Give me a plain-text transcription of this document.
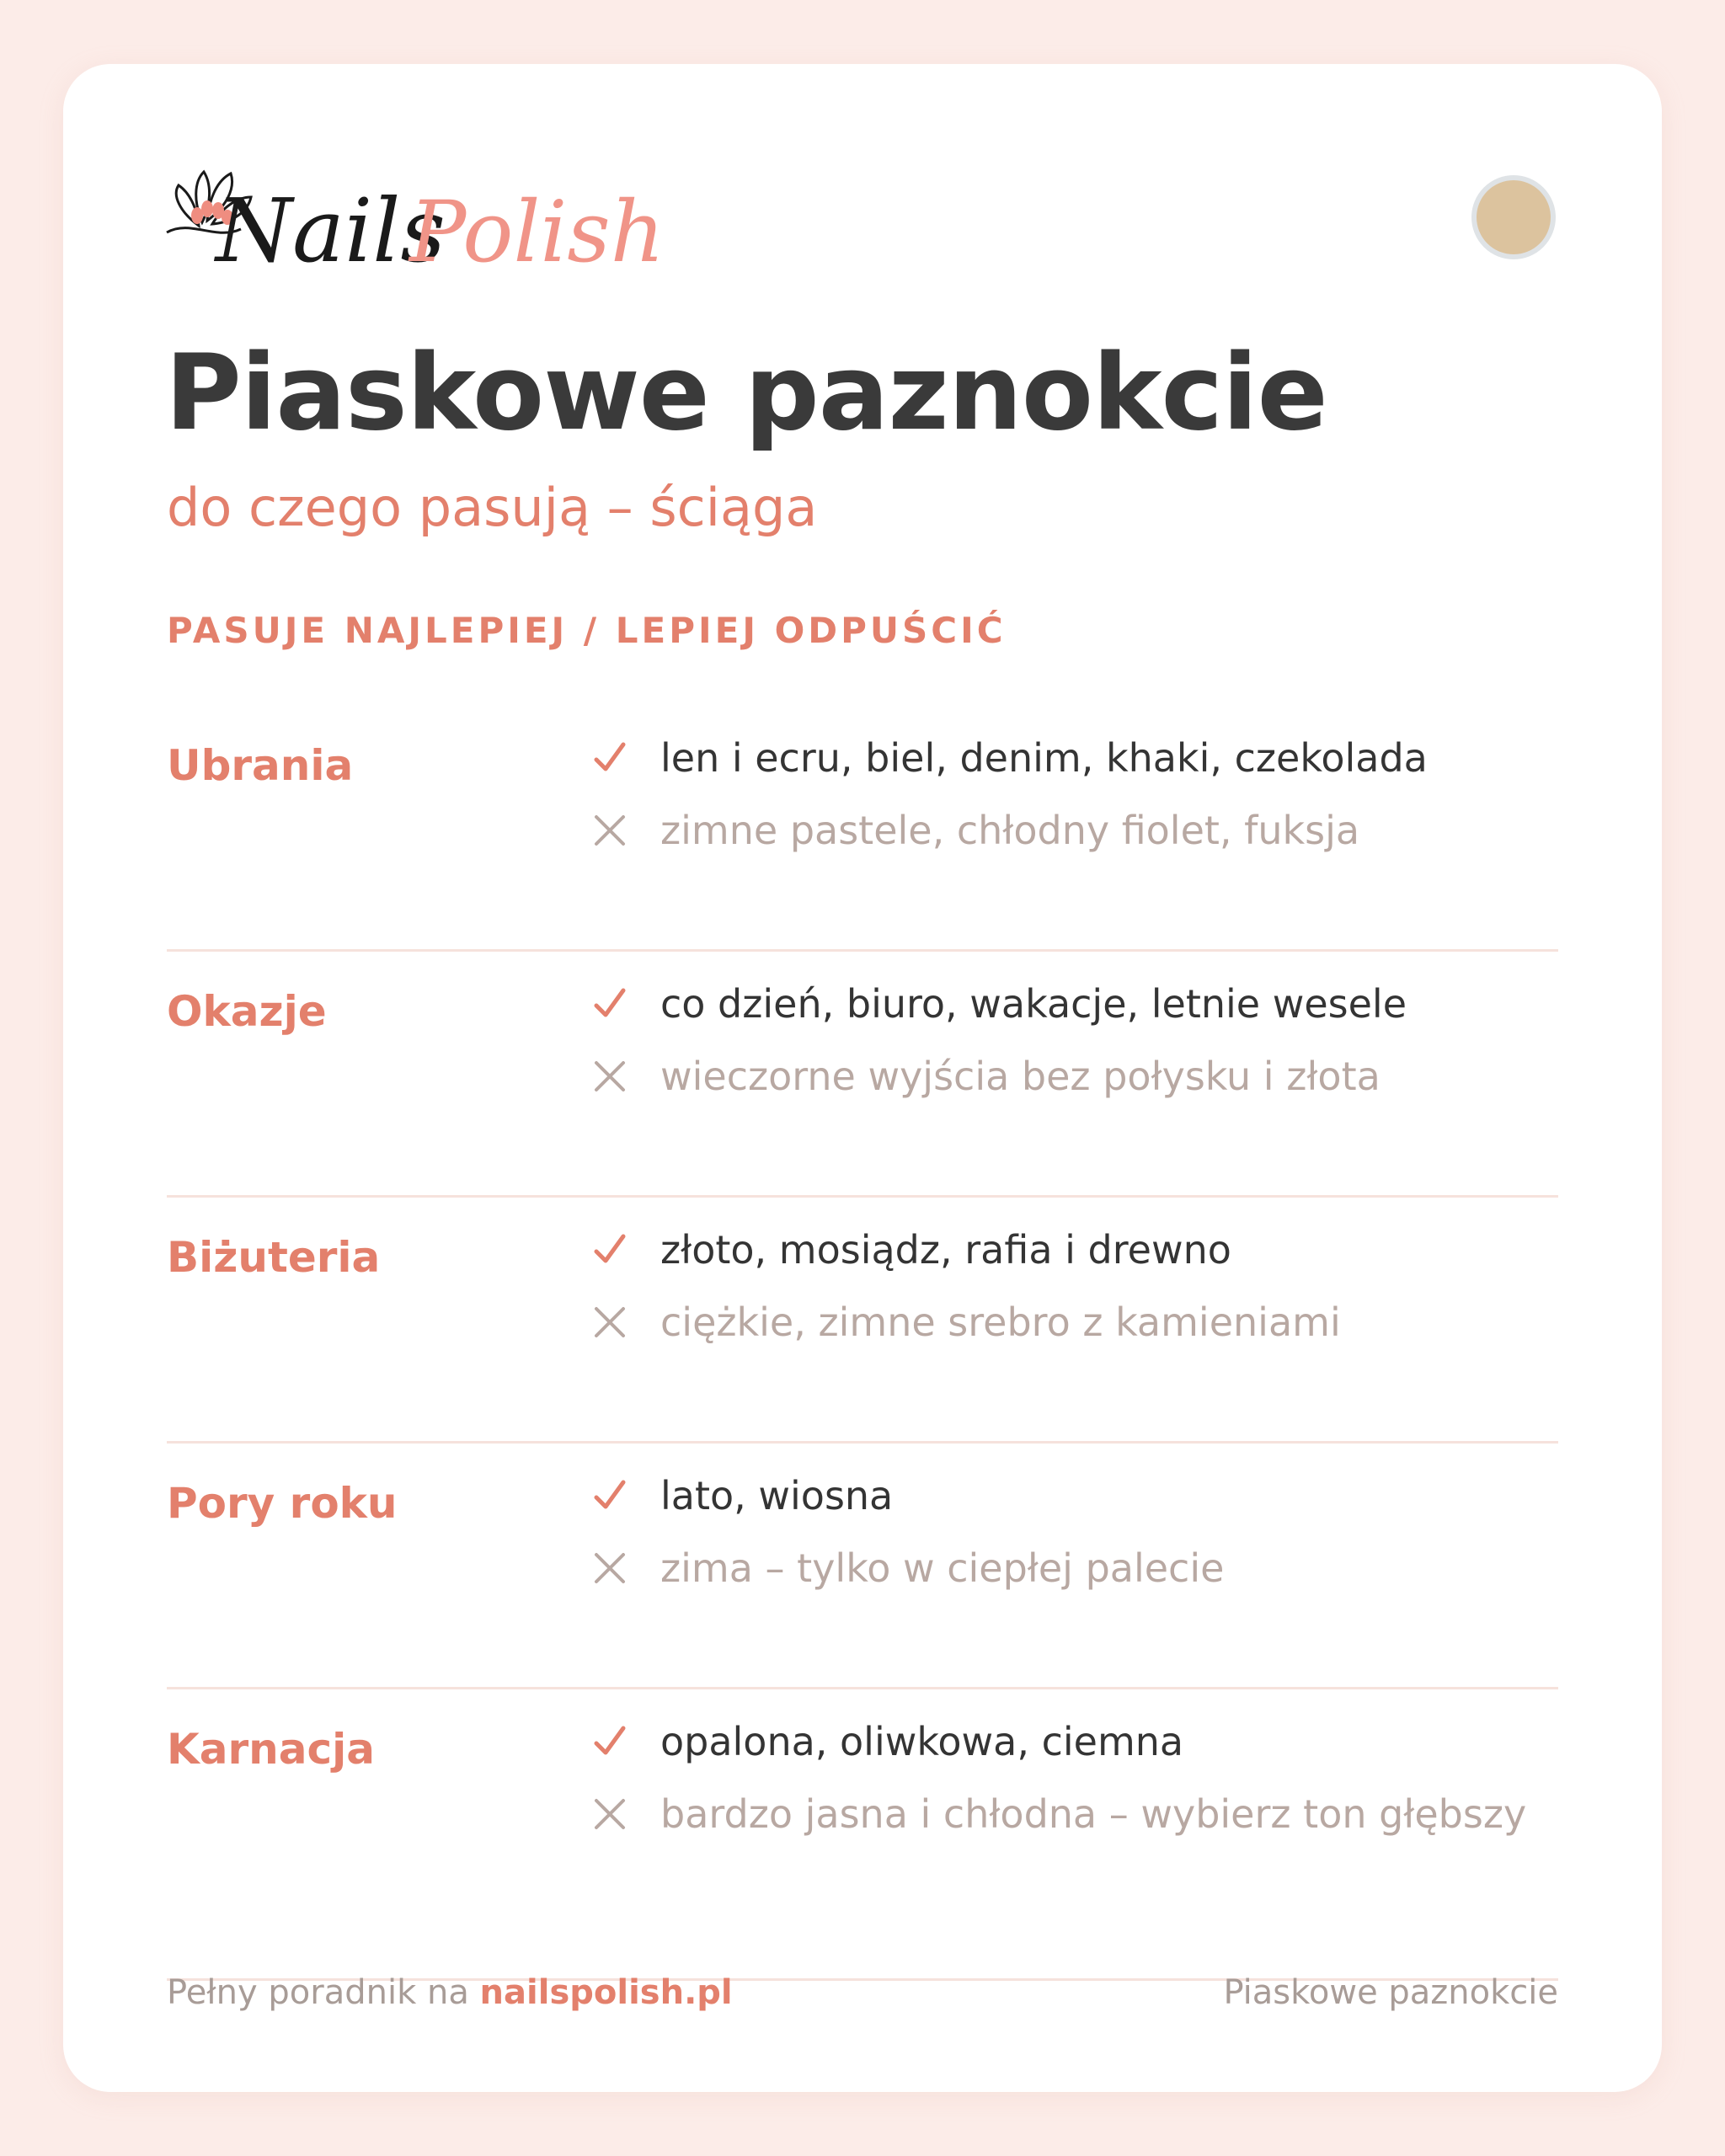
Nails
Polish
Piaskowe paznokcie
do czego pasują – ściąga
PASUJE NAJLEPIEJ / LEPIEJ ODPUŚCIĆ
Ubrania	len i ecru, biel, denim, khaki, czekolada
zimne pastele, chłodny fiolet, fuksja
Okazje	co dzień, biuro, wakacje, letnie wesele
wieczorne wyjścia bez połysku i złota
Biżuteria	złoto, mosiądz, rafia i drewno
ciężkie, zimne srebro z kamieniami
Pory roku	lato, wiosna
zima – tylko w ciepłej palecie
Karnacja	opalona, oliwkowa, ciemna
bardzo jasna i chłodna – wybierz ton głębszy
Pełny poradnik na nailspolish.pl	Piaskowe paznokcie
